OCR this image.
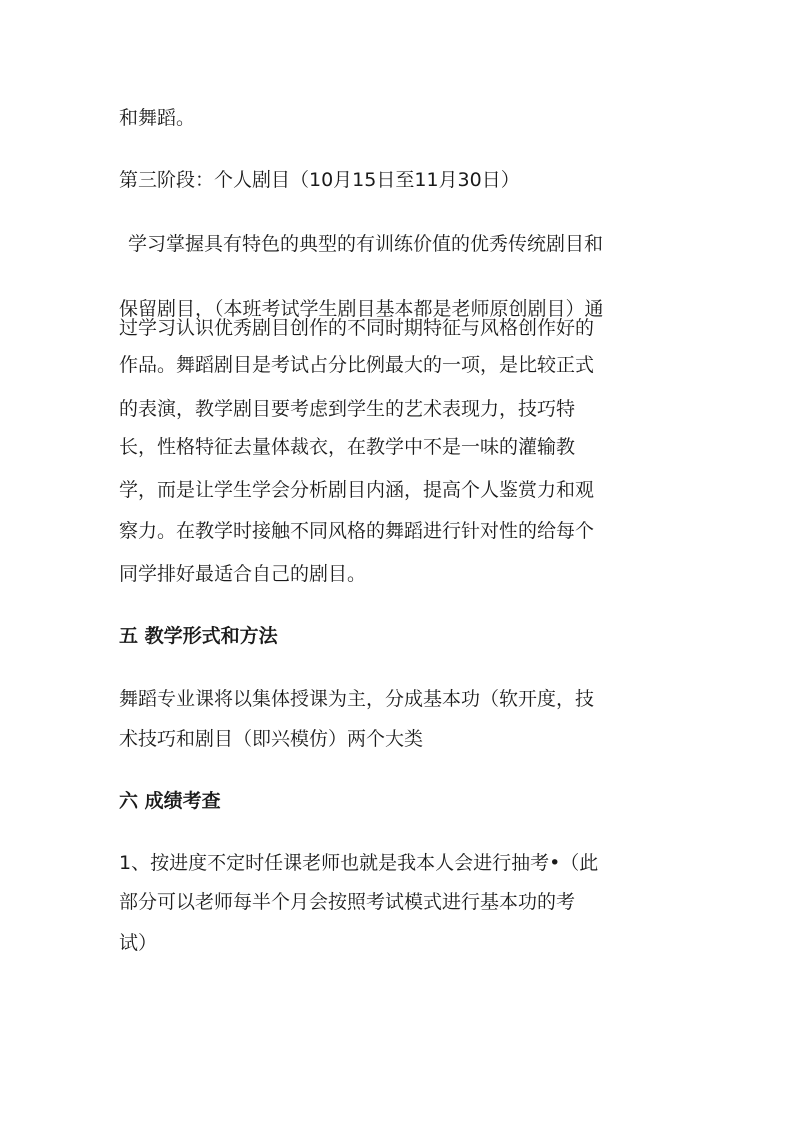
和舞蹈。
第三阶段：个人剧目（10月15日至11月30日）
学习掌握具有特色的典型的有训练价值的优秀传统剧目和
保留剧目，（本班考试学生剧目基本都是老师原创剧目）通
过学习认识优秀剧目创作的不同时期特征与风格创作好的
作品。舞蹈剧目是考试占分比例最大的一项，是比较正式
的表演，教学剧目要考虑到学生的艺术表现力，技巧特
长，性格特征去量体裁衣，在教学中不是一味的灌输教
学，而是让学生学会分析剧目内涵，提高个人鉴赏力和观
察力。在教学时接触不同风格的舞蹈进行针对性的给每个
同学排好最适合自己的剧目。
五 教学形式和方法
舞蹈专业课将以集体授课为主，分成基本功（软开度，技
术技巧和剧目（即兴模仿）两个大类
六 成绩考查
1、按进度不定时任课老师也就是我本人会进行抽考•（此
部分可以老师每半个月会按照考试模式进行基本功的考
试）
